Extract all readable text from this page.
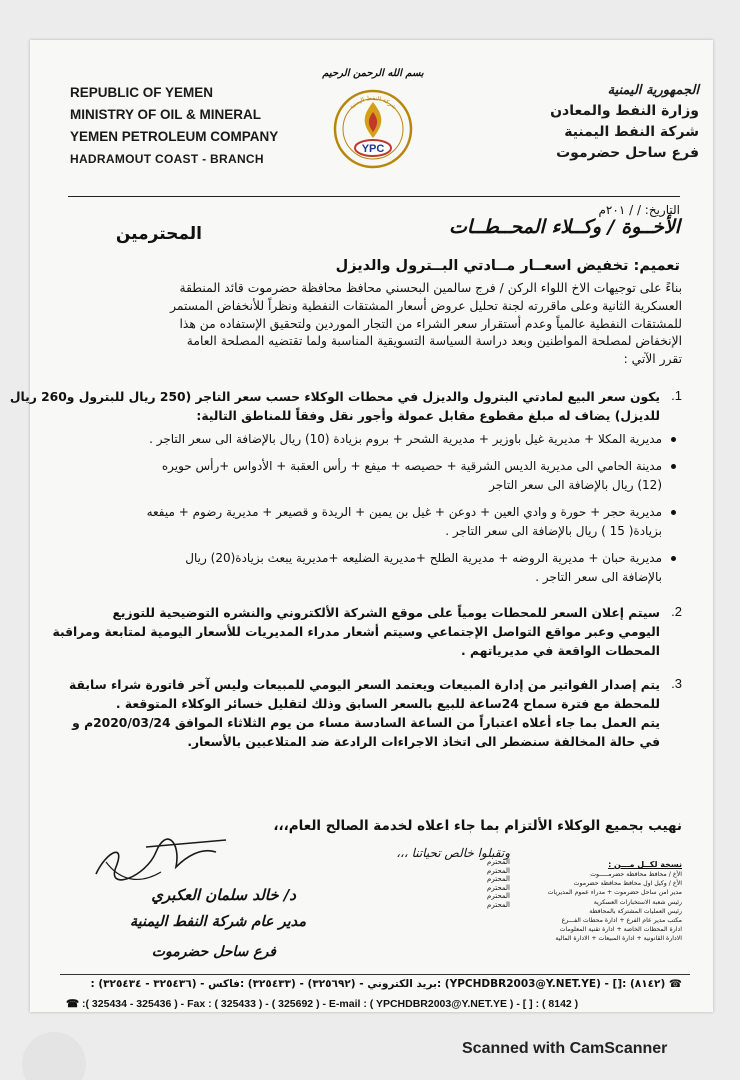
REPUBLIC OF YEMEN
MINISTRY OF OIL & MINERAL
YEMEN PETROLEUM COMPANY
HADRAMOUT COAST - BRANCH
بسم الله الرحمن الرحيم
YPC
شركة النفط اليمنية
الجمهورية اليمنية
وزارة النفط والمعادن
شركة النفط اليمنية
فرع ساحل حضرموت
التاريخ: / / ٢٠١م
الأخــوة / وكــلاء المحــطــات
المحترمين
تعميم: تخفيض اسعــار مــادتي البــترول والديزل

بناءً على توجيهات الاخ اللواء الركن / فرج سالمين البحسني محافظ محافظة حضرموت قائد المنطقة

العسكرية الثانية وعلى ماقررته لجنة تحليل عروض أسعار المشتقات النفطية ونظراً للأنخفاض المستمر

للمشتقات النفطية عالمياً وعدم أستقرار سعر الشراء من التجار الموردين ولتحقيق الإستفاده من هذا

الإنخفاض لمصلحة المواطنين وبعد دراسة السياسة التسويقية المناسبة ولما تقتضيه المصلحة العامة

تقرر الآتي :

.1

يكون سعر البيع لمادتي البترول والديزل في محطات الوكلاء حسب سعر التاجر (250 ريال للبترول و260 ريال

للديزل) يضاف له مبلغ مقطوع مقابل عمولة وأجور نقل وفقاً للمناطق التالية:

مديرية المكلا + مديرية غيل باوزير + مديرية الشحر + بروم بزيادة (10) ريال بالإضافة الى سعر التاجر .

مدينة الحامي الى مديرية الديس الشرقية + حصيصه + ميفع + رأس العقبة + الأدواس +رأس حويره

(12) ريال بالإضافة الى سعر التاجر

مديرية حجر + حورة و وادي العين + دوعن + غيل بن يمين + الريدة و قصيعر + مديرية رضوم + ميفعه

بزيادة( 15 ) ريال بالإضافة الى سعر التاجر .

مديرية حبان + مديرية الروضه + مديرية الطلح +مديرية الضليعه +مديرية يبعث بزيادة(20) ريال

بالإضافة الى سعر التاجر .

.2

سيتم إعلان السعر للمحطات يومياً على موقع الشركة الألكتروني والنشره التوضيحية للتوزيع

اليومي وعبر مواقع التواصل الإجتماعي وسيتم أشعار مدراء المديريات للأسعار اليومية لمتابعة ومراقبة

المحطات الواقعة في مديرياتهم .

.3

يتم إصدار الفواتير من إدارة المبيعات ويعتمد السعر اليومي للمبيعات وليس آخر فاتورة شراء سابقة

للمحطة مع فترة سماح 24ساعة للبيع بالسعر السابق وذلك لتقليل خسائر الوكلاء المتوقعة .

يتم العمل بما جاء أعلاه اعتباراً من الساعة السادسة مساء من يوم الثلاثاء الموافق 2020/03/24م و

في حالة المخالفة سنضطر الى اتخاذ الاجراءات الرادعة ضد المتلاعبين بالأسعار.

نهيب بجميع الوكلاء الألتزام بما جاء اعلاه لخدمة الصالح العام،،،
وتقبلوا خالص تحياتنا ،،،
د/ خالد سلمان العكبري
مدير عام شركة النفط اليمنية
فرع ساحل حضرموت
المحترم
المحترم
المحترم
المحترم
المحترم
المحترم
نسخة لكــل مـــن :

الأخ / محافظ محافظة حضرمـــــوت

الأخ / وكيل اول محافظ محافظة حضرموت

مدير امن ساحل حضرموت + مدراء عموم المديريات

رئيس شعبة الاستخبارات العسكرية

رئيس العمليات المشتركة بالمحافظة

مكتب مدير عام الفرع + ادارة محطات الفـــرع

ادارة المحطات الخاصة + ادارة تقنية المعلومات

الادارة القانونية + ادارة المبيعات + الادارة المالية

☎ (٨١٤٢) :[] - (YPCHDBR2003@Y.NET.YE) :بريد الكتروني - (٣٢٥٦٩٢) - (٣٢٥٤٣٣) :فاكس - (٣٢٥٤٣٦ - ٣٢٥٤٣٤) :
☎ :( 325434 - 325436 ) - Fax : ( 325433 ) - ( 325692 ) - E-mail : ( YPCHDBR2003@Y.NET.YE ) - [ ] : ( 8142 )
Scanned with CamScanner
